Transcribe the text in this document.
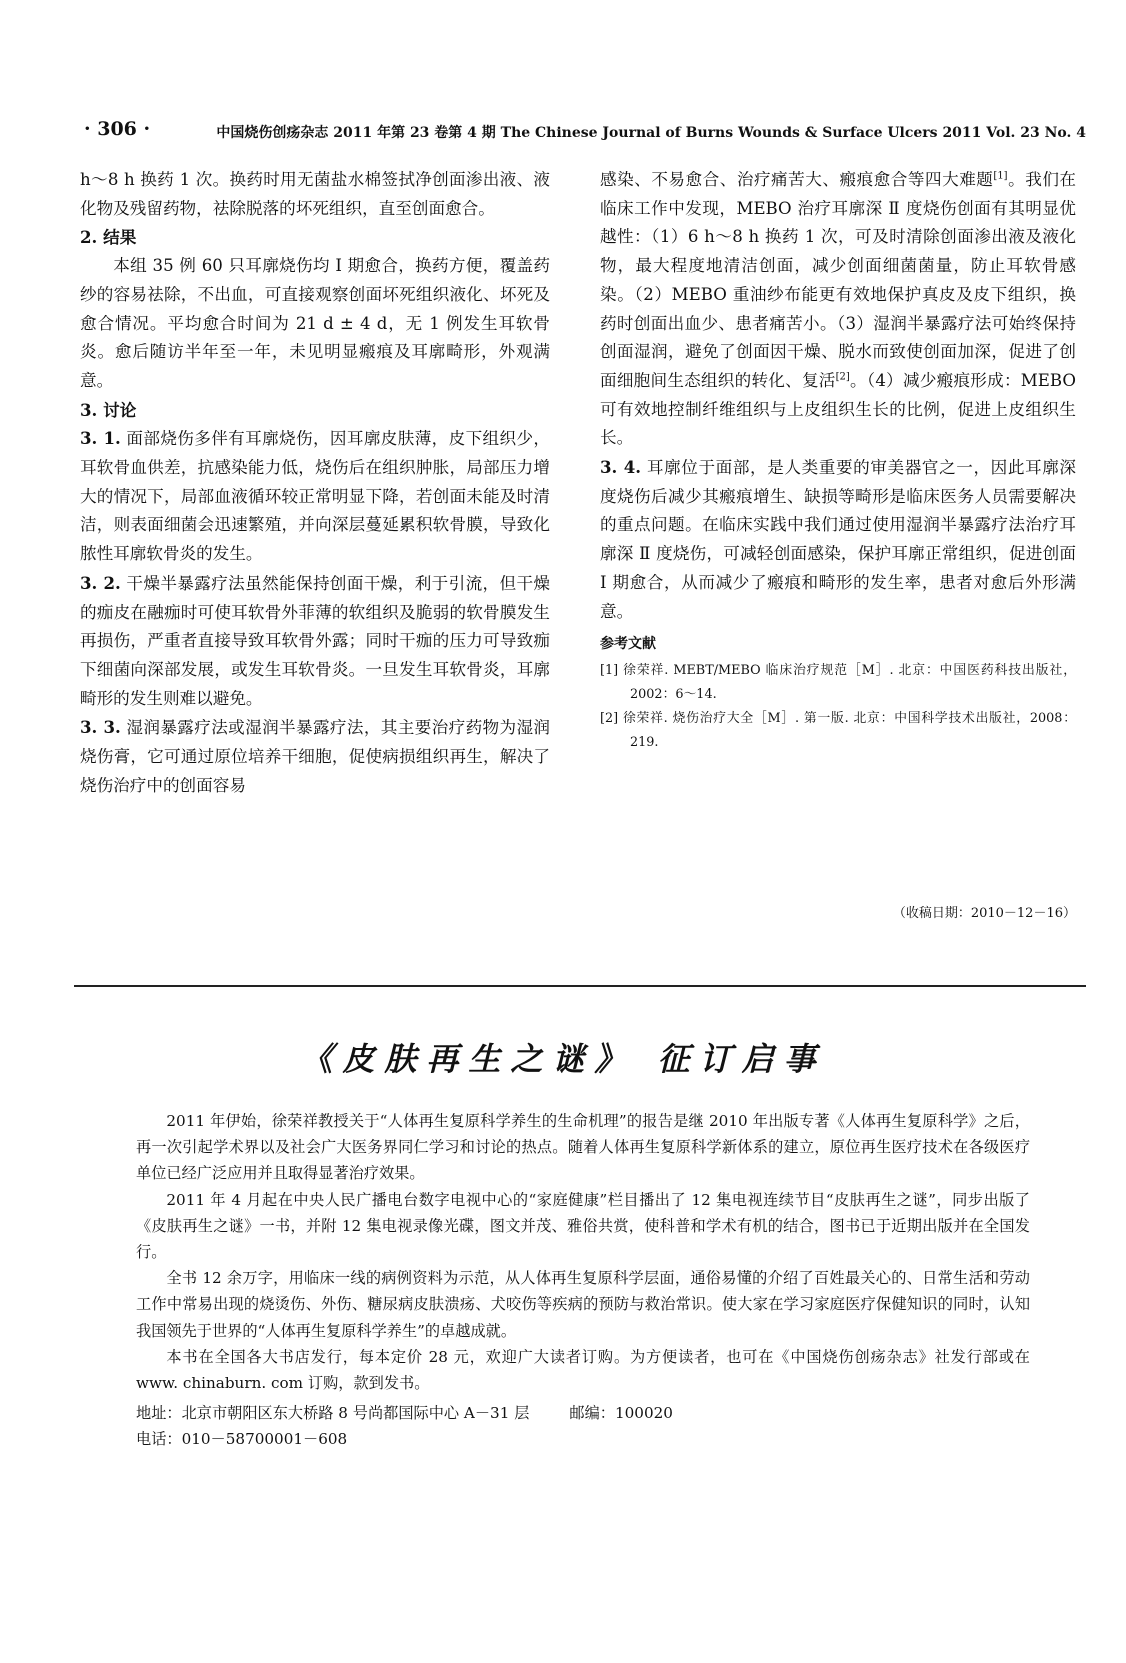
· 306 ·	中国烧伤创疡杂志 2011 年第 23 卷第 4 期 The Chinese Journal of Burns Wounds & Surface Ulcers 2011 Vol. 23 No. 4

h～8 h 换药 1 次。换药时用无菌盐水棉签拭净创面渗出液、液化物及残留药物，祛除脱落的坏死组织，直至创面愈合。

2. 结果

本组 35 例 60 只耳廓烧伤均 I 期愈合，换药方便，覆盖药纱的容易祛除，不出血，可直接观察创面坏死组织液化、坏死及愈合情况。平均愈合时间为 21 d ± 4 d，无 1 例发生耳软骨炎。愈后随访半年至一年，未见明显瘢痕及耳廓畸形，外观满意。

3. 讨论

3. 1. 面部烧伤多伴有耳廓烧伤，因耳廓皮肤薄，皮下组织少，耳软骨血供差，抗感染能力低，烧伤后在组织肿胀，局部压力增大的情况下，局部血液循环较正常明显下降，若创面未能及时清洁，则表面细菌会迅速繁殖，并向深层蔓延累积软骨膜，导致化脓性耳廓软骨炎的发生。

3. 2. 干燥半暴露疗法虽然能保持创面干燥，利于引流，但干燥的痂皮在融痂时可使耳软骨外菲薄的软组织及脆弱的软骨膜发生再损伤，严重者直接导致耳软骨外露；同时干痂的压力可导致痂下细菌向深部发展，或发生耳软骨炎。一旦发生耳软骨炎，耳廓畸形的发生则难以避免。

3. 3. 湿润暴露疗法或湿润半暴露疗法，其主要治疗药物为湿润烧伤膏，它可通过原位培养干细胞，促使病损组织再生，解决了烧伤治疗中的创面容易

感染、不易愈合、治疗痛苦大、瘢痕愈合等四大难题[1]。我们在临床工作中发现，MEBO 治疗耳廓深 Ⅱ 度烧伤创面有其明显优越性：（1）6 h～8 h 换药 1 次，可及时清除创面渗出液及液化物，最大程度地清洁创面，减少创面细菌菌量，防止耳软骨感染。（2）MEBO 重油纱布能更有效地保护真皮及皮下组织，换药时创面出血少、患者痛苦小。（3）湿润半暴露疗法可始终保持创面湿润，避免了创面因干燥、脱水而致使创面加深，促进了创面细胞间生态组织的转化、复活[2]。（4）减少瘢痕形成：MEBO 可有效地控制纤维组织与上皮组织生长的比例，促进上皮组织生长。

3. 4. 耳廓位于面部，是人类重要的审美器官之一，因此耳廓深度烧伤后减少其瘢痕增生、缺损等畸形是临床医务人员需要解决的重点问题。在临床实践中我们通过使用湿润半暴露疗法治疗耳廓深 Ⅱ 度烧伤，可减轻创面感染，保护耳廓正常组织，促进创面 I 期愈合，从而减少了瘢痕和畸形的发生率，患者对愈后外形满意。

参考文献

[1] 徐荣祥. MEBT/MEBO 临床治疗规范［M］. 北京：中国医药科技出版社，2002：6～14.

[2] 徐荣祥. 烧伤治疗大全［M］. 第一版. 北京：中国科学技术出版社，2008：219.

（收稿日期：2010－12－16）
《皮肤再生之谜》 征订启事

2011 年伊始，徐荣祥教授关于“人体再生复原科学养生的生命机理”的报告是继 2010 年出版专著《人体再生复原科学》之后，再一次引起学术界以及社会广大医务界同仁学习和讨论的热点。随着人体再生复原科学新体系的建立，原位再生医疗技术在各级医疗单位已经广泛应用并且取得显著治疗效果。

2011 年 4 月起在中央人民广播电台数字电视中心的“家庭健康”栏目播出了 12 集电视连续节目“皮肤再生之谜”，同步出版了《皮肤再生之谜》一书，并附 12 集电视录像光碟，图文并茂、雅俗共赏，使科普和学术有机的结合，图书已于近期出版并在全国发行。

全书 12 余万字，用临床一线的病例资料为示范，从人体再生复原科学层面，通俗易懂的介绍了百姓最关心的、日常生活和劳动工作中常易出现的烧烫伤、外伤、糖尿病皮肤溃疡、犬咬伤等疾病的预防与救治常识。使大家在学习家庭医疗保健知识的同时，认知我国领先于世界的“人体再生复原科学养生”的卓越成就。

本书在全国各大书店发行，每本定价 28 元，欢迎广大读者订购。为方便读者，也可在《中国烧伤创疡杂志》社发行部或在 www. chinaburn. com 订购，款到发书。

地址：北京市朝阳区东大桥路 8 号尚都国际中心 A－31 层	邮编：100020

电话：010－58700001－608
